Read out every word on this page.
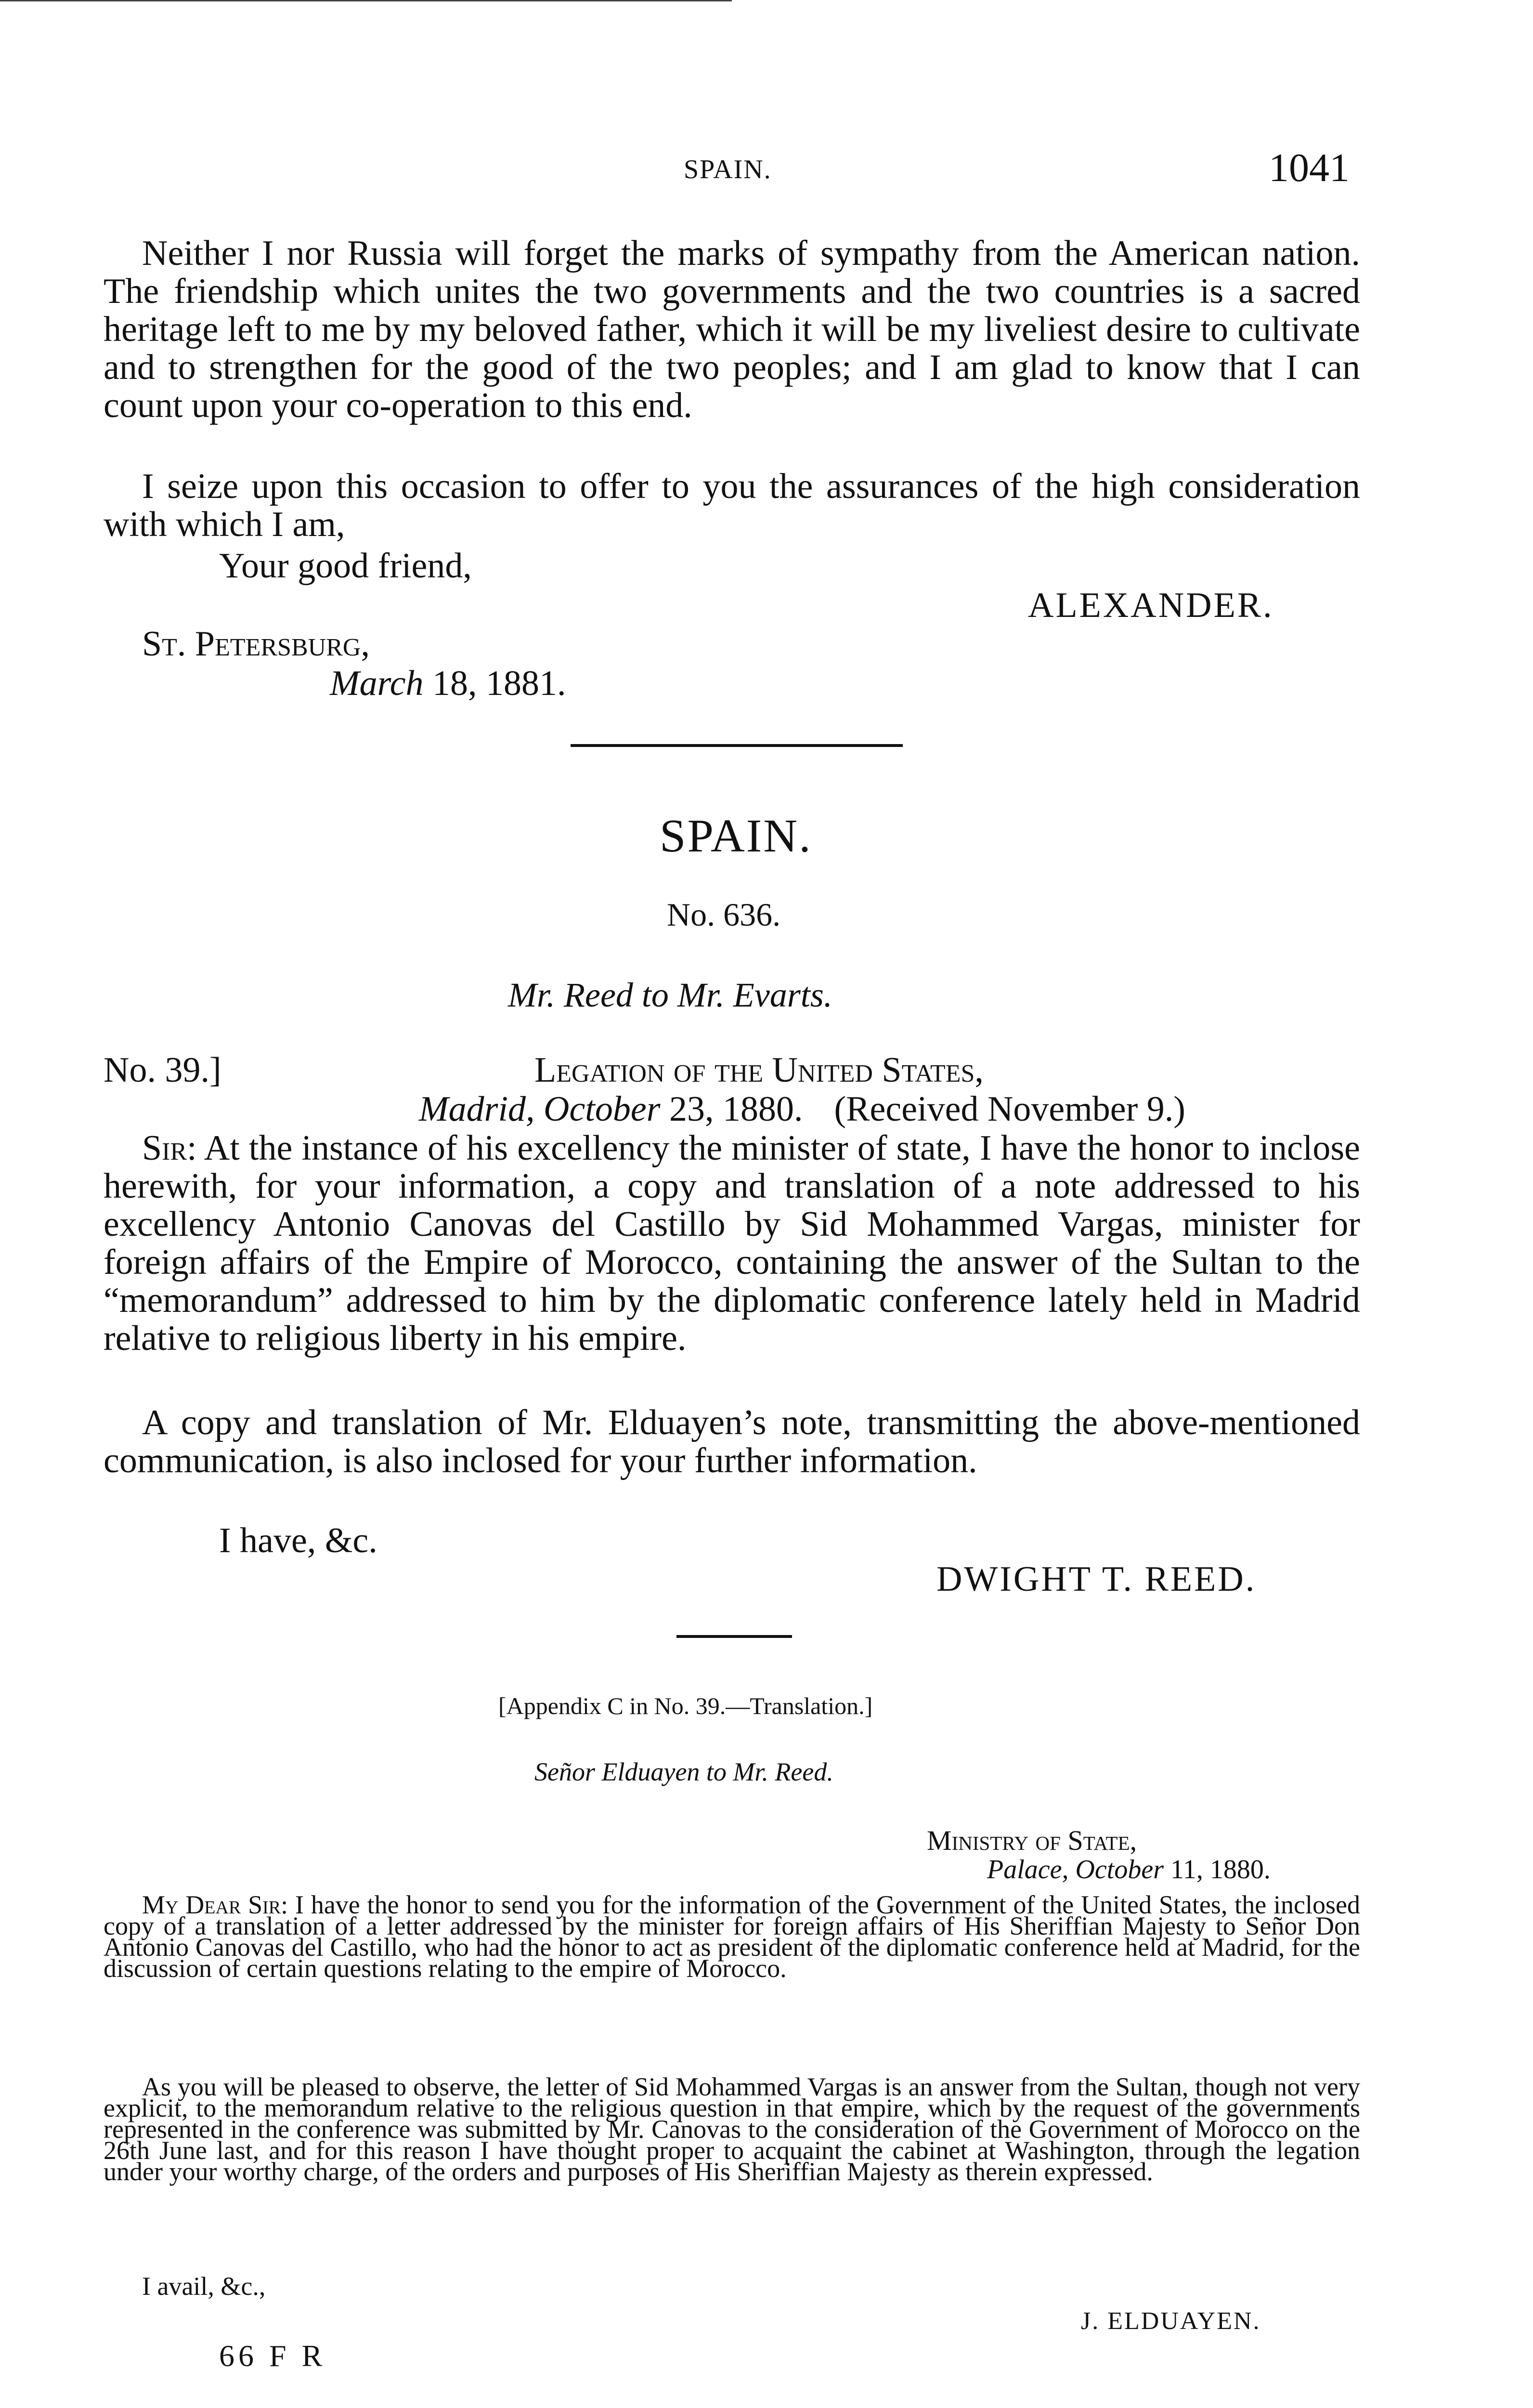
SPAIN.	1041

Neither I nor Russia will forget the marks of sympathy from the American nation. The friendship which unites the two governments and the two countries is a sacred heritage left to me by my beloved father, which it will be my liveliest desire to cultivate and to strengthen for the good of the two peoples; and I am glad to know that I can count upon your co-operation to this end.

I seize upon this occasion to offer to you the assurances of the high consideration with which I am,

Your good friend,
ALEXANDER.
St. Petersburg,
March 18, 1881.
SPAIN.
No. 636.
Mr. Reed to Mr. Evarts.
No. 39.]	Legation of the United States,
Madrid, October 23, 1880. (Received November 9.)

Sir: At the instance of his excellency the minister of state, I have the honor to inclose herewith, for your information, a copy and translation of a note addressed to his excellency Antonio Canovas del Castillo by Sid Mohammed Vargas, minister for foreign affairs of the Empire of Morocco, containing the answer of the Sultan to the “memorandum” addressed to him by the diplomatic conference lately held in Madrid relative to religious liberty in his empire.

A copy and translation of Mr. Elduayen’s note, transmitting the above-mentioned communication, is also inclosed for your further information.

I have, &c.
DWIGHT T. REED.
[Appendix C in No. 39.—Translation.]
Señor Elduayen to Mr. Reed.
Ministry of State,
Palace, October 11, 1880.

My Dear Sir: I have the honor to send you for the information of the Government of the United States, the inclosed copy of a translation of a letter addressed by the minister for foreign affairs of His Sheriffian Majesty to Señor Don Antonio Canovas del Castillo, who had the honor to act as president of the diplomatic conference held at Madrid, for the discussion of certain questions relating to the empire of Morocco.

As you will be pleased to observe, the letter of Sid Mohammed Vargas is an answer from the Sultan, though not very explicit, to the memorandum relative to the religious question in that empire, which by the request of the governments represented in the conference was submitted by Mr. Canovas to the consideration of the Government of Morocco on the 26th June last, and for this reason I have thought proper to acquaint the cabinet at Washington, through the legation under your worthy charge, of the orders and purposes of His Sheriffian Majesty as therein expressed.

I avail, &c.,
J. ELDUAYEN.
66 F R
